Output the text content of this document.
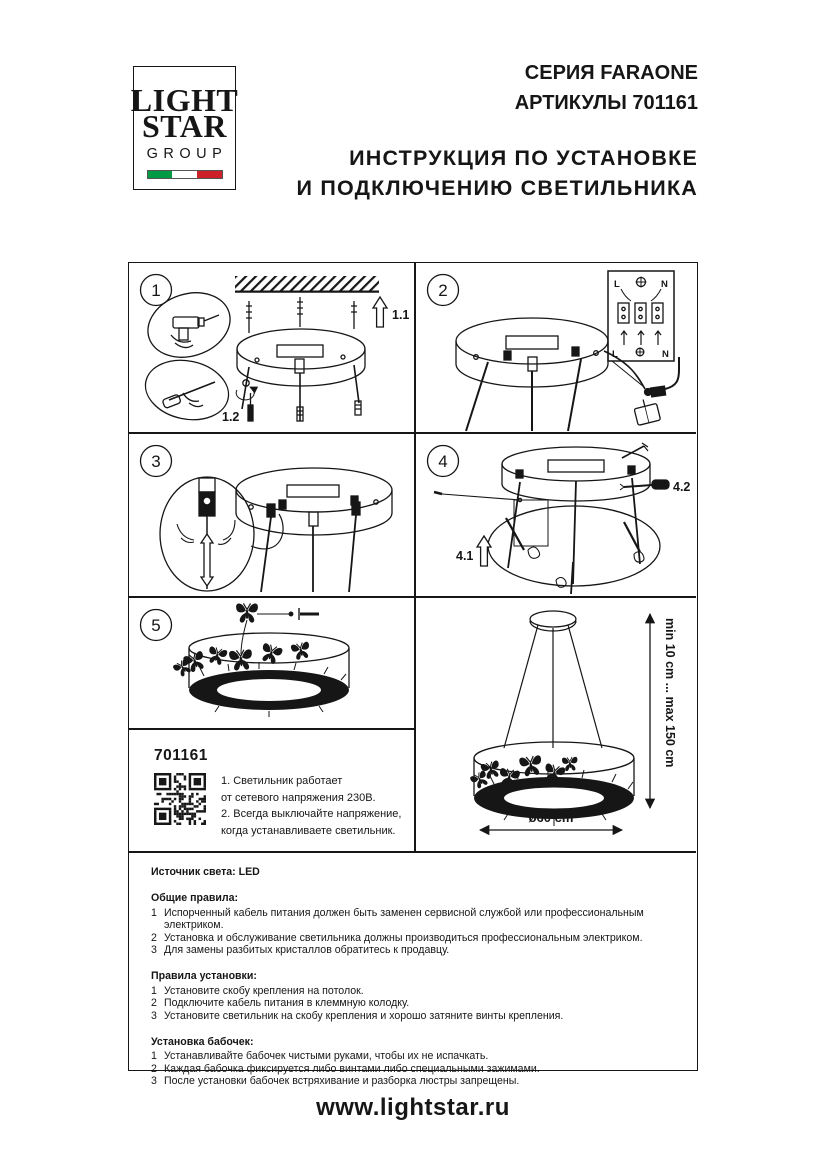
LIGHT
STAR
GROUP
СЕРИЯ FARAONE
АРТИКУЛЫ 701161
ИНСТРУКЦИЯ ПО УСТАНОВКЕ
И ПОДКЛЮЧЕНИЮ СВЕТИЛЬНИКА
1
1.1
1.2
2	L	N
L	N
3	4
4.1
4.2
5	min 10 cm ... max 150 cm
ø60 cm
701161
1. Светильник работает
от сетевого напряжения 230В.
2. Всегда выключайте напряжение,
когда устанавливаете светильник.
Источник света: LED
Общие правила:
1 Испорченный кабель питания должен быть заменен сервисной службой или профессиональным электриком.
2 Установка и обслуживание светильника должны производиться профессиональным электриком.
3 Для замены разбитых кристаллов обратитесь к продавцу.
Правила установки:
1 Установите скобу крепления на потолок.
2 Подключите кабель питания в клеммную колодку.
3 Установите светильник на скобу крепления и хорошо затяните винты крепления.
Установка бабочек:
1 Устанавливайте бабочек чистыми руками, чтобы их не испачкать.
2 Каждая бабочка фиксируется либо винтами либо специальными зажимами.
3 После установки бабочек встряхивание и разборка люстры запрещены.
www.lightstar.ru
